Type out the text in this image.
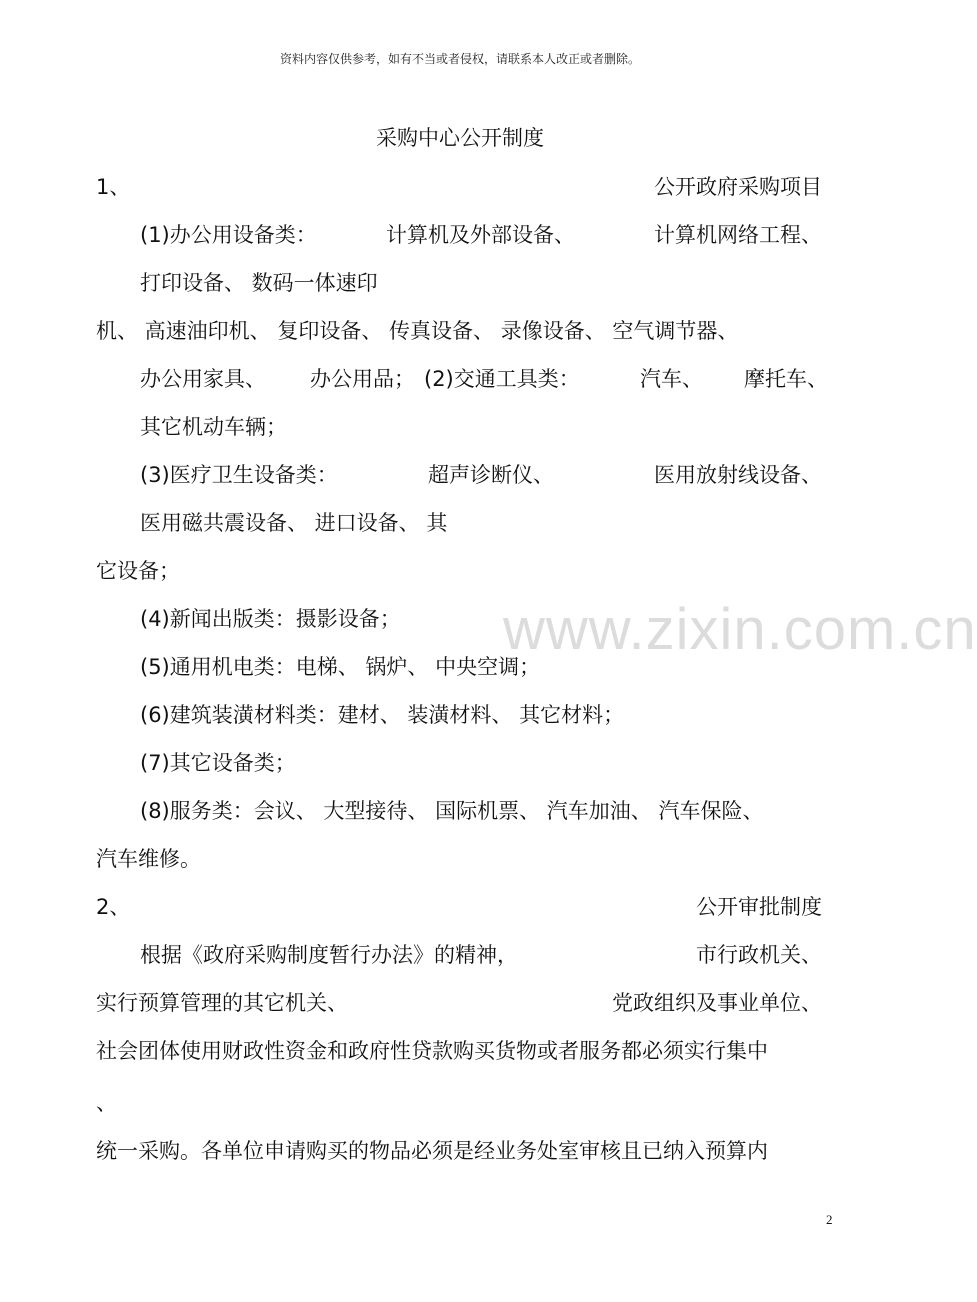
资料内容仅供参考，如有不当或者侵权，请联系本人改正或者删除。
采购中心公开制度
1、	公开政府采购项目
(1)办公用设备类：	计算机及外部设备、	计算机网络工程、
打印设备、 数码一体速印
机、 高速油印机、 复印设备、 传真设备、 录像设备、 空气调节器、
办公用家具、 办公用品； (2)交通工具类：	汽车、 摩托车、
其它机动车辆；
(3)医疗卫生设备类：	超声诊断仪、	医用放射线设备、
医用磁共震设备、 进口设备、 其
它设备；
(4)新闻出版类：摄影设备；
(5)通用机电类：电梯、 锅炉、 中央空调；
(6)建筑装潢材料类：建材、 装潢材料、 其它材料；
(7)其它设备类；
(8)服务类：会议、 大型接待、 国际机票、 汽车加油、 汽车保险、
汽车维修。
2、	公开审批制度
根据《政府采购制度暂行办法》的精神，	市行政机关、
实行预算管理的其它机关、	党政组织及事业单位、
社会团体使用财政性资金和政府性贷款购买货物或者服务都必须实行集中
、
统一采购。各单位申请购买的物品必须是经业务处室审核且已纳入预算内
www.zixin.com.cn
2
